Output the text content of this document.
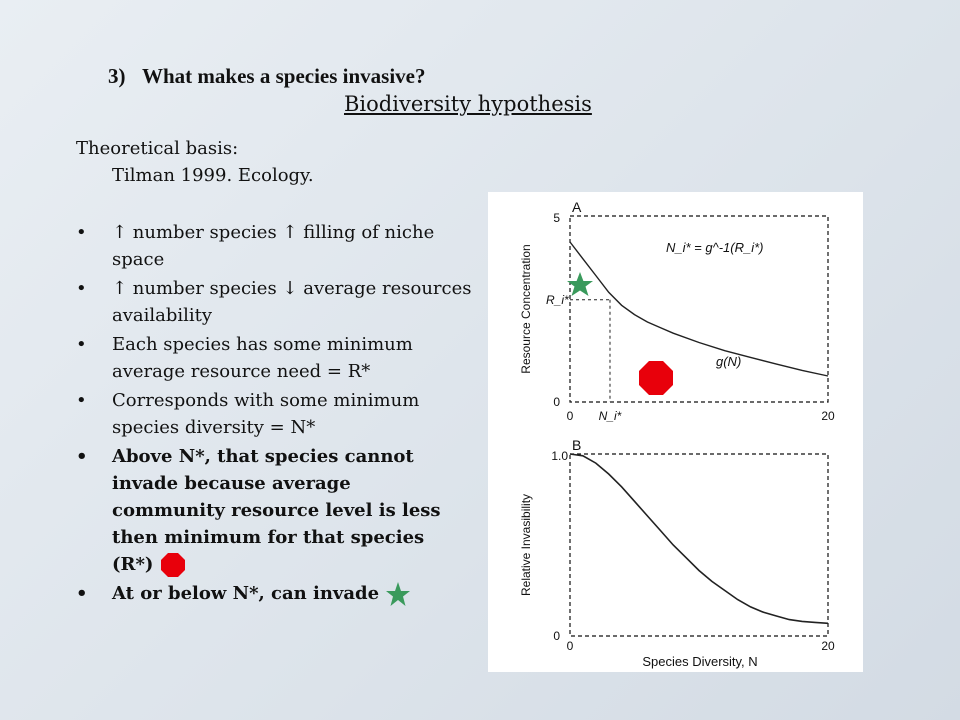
3) What makes a species invasive?
Biodiversity hypothesis
Theoretical basis:
Tilman 1999. Ecology.
• ↑ number species ↑ filling of niche space
• ↑ number species ↓ average resources availability
• Each species has some minimum average resource need = R*
• Corresponds with some minimum species diversity = N*
• Above N*, that species cannot invade because average community resource level is less then minimum for that species (R*)
• At or below N*, can invade
A
Resource Concentration
5
0
0	20
N_i* = g^-1(R_i*)
R_i*
N_i*
g(N)
B
Relative Invasibility
1.0
0
0	20
Species Diversity, N
